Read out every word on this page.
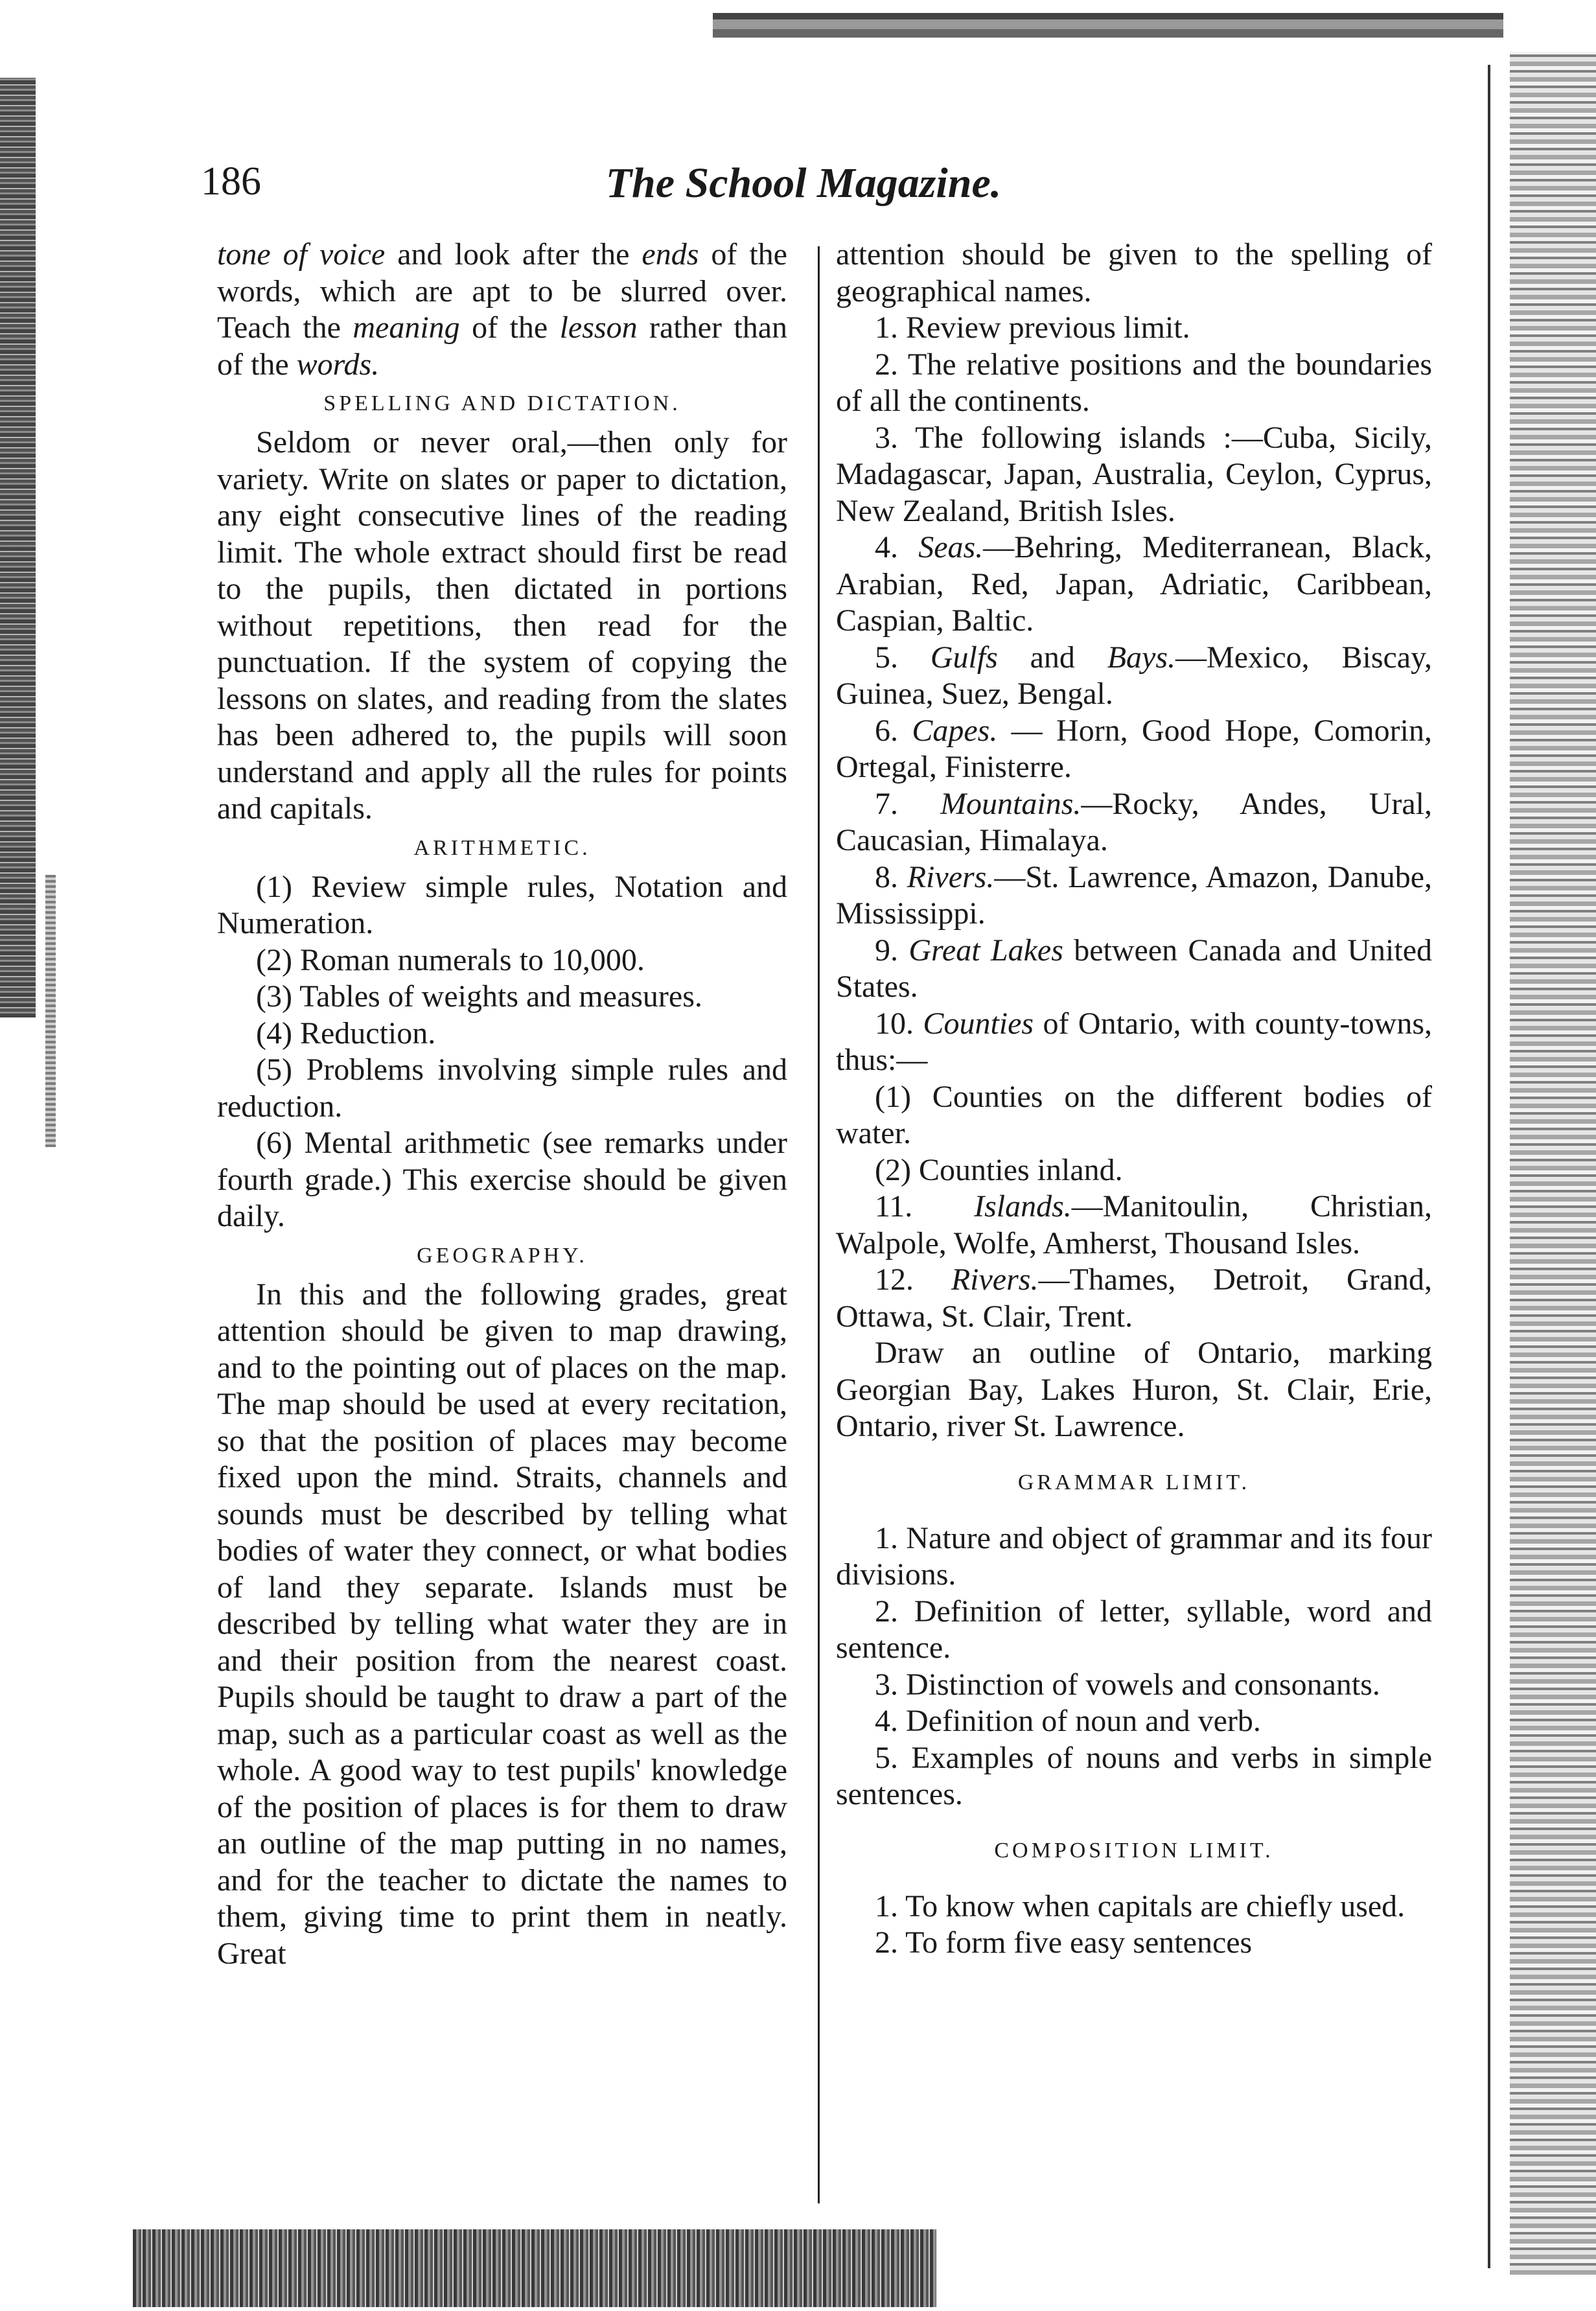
186	The School Magazine.

tone of voice and look after the ends of the words, which are apt to be slurred over. Teach the meaning of the lesson rather than of the words.

SPELLING AND DICTATION.

Seldom or never oral,—then only for variety. Write on slates or paper to dictation, any eight consecutive lines of the reading limit. The whole extract should first be read to the pupils, then dictated in portions without repetitions, then read for the punctuation. If the system of copying the lessons on slates, and reading from the slates has been adhered to, the pupils will soon understand and apply all the rules for points and capitals.

ARITHMETIC.

(1) Review simple rules, Notation and Numeration.

(2) Roman numerals to 10,000.

(3) Tables of weights and measures.

(4) Reduction.

(5) Problems involving simple rules and reduction.

(6) Mental arithmetic (see remarks under fourth grade.) This exercise should be given daily.

GEOGRAPHY.

In this and the following grades, great attention should be given to map drawing, and to the pointing out of places on the map. The map should be used at every recitation, so that the position of places may become fixed upon the mind. Straits, channels and sounds must be described by telling what bodies of water they connect, or what bodies of land they separate. Islands must be described by telling what water they are in and their position from the nearest coast. Pupils should be taught to draw a part of the map, such as a particular coast as well as the whole. A good way to test pupils' knowledge of the position of places is for them to draw an outline of the map putting in no names, and for the teacher to dictate the names to them, giving time to print them in neatly. Great

attention should be given to the spelling of geographical names.

1. Review previous limit.

2. The relative positions and the boundaries of all the continents.

3. The following islands :—Cuba, Sicily, Madagascar, Japan, Australia, Ceylon, Cyprus, New Zealand, British Isles.

4. Seas.—Behring, Mediterranean, Black, Arabian, Red, Japan, Adriatic, Caribbean, Caspian, Baltic.

5. Gulfs and Bays.—Mexico, Biscay, Guinea, Suez, Bengal.

6. Capes. — Horn, Good Hope, Comorin, Ortegal, Finisterre.

7. Mountains.—Rocky, Andes, Ural, Caucasian, Himalaya.

8. Rivers.—St. Lawrence, Amazon, Danube, Mississippi.

9. Great Lakes between Canada and United States.

10. Counties of Ontario, with county-towns, thus:—

(1) Counties on the different bodies of water.

(2) Counties inland.

11. Islands.—Manitoulin, Christian, Walpole, Wolfe, Amherst, Thousand Isles.

12. Rivers.—Thames, Detroit, Grand, Ottawa, St. Clair, Trent.

Draw an outline of Ontario, marking Georgian Bay, Lakes Huron, St. Clair, Erie, Ontario, river St. Lawrence.

GRAMMAR LIMIT.

1. Nature and object of grammar and its four divisions.

2. Definition of letter, syllable, word and sentence.

3. Distinction of vowels and consonants.

4. Definition of noun and verb.

5. Examples of nouns and verbs in simple sentences.

COMPOSITION LIMIT.

1. To know when capitals are chiefly used.

2. To form five easy sentences
